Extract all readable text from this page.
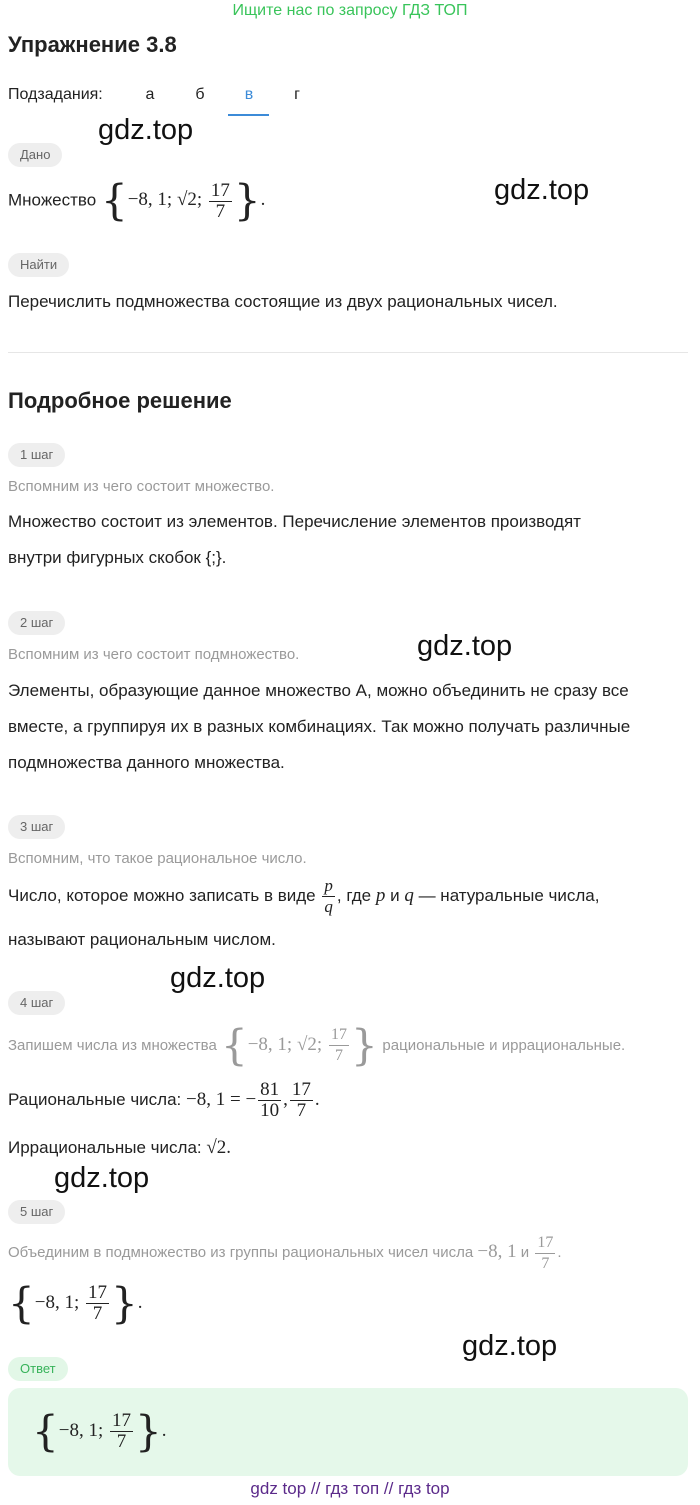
Ищите нас по запросу ГДЗ ТОП
Упражнение 3.8
Подзадания:	а	б	в	г
Дано
Множество {−8, 1; √2; $\frac{17}{7}$ }.
Найти
Перечислить подмножества состоящие из двух рациональных чисел.
Подробное решение
1 шаг
Вспомним из чего состоит множество.
Множество состоит из элементов. Перечисление элементов производят
внутри фигурных скобок {;}.
2 шаг
Вспомним из чего состоит подмножество.
Элементы, образующие данное множество А, можно объединить не сразу все
вместе, а группируя их в разных комбинациях. Так можно получать различные
подмножества данного множества.
3 шаг
Вспомним, что такое рациональное число.
Число, которое можно записать в виде $\frac{p}{q}$ , где p и q — натуральные числа,
называют рациональным числом.
4 шаг
Запишем числа из множества {−8, 1; √2; $\frac{17}{7}$ } рациональные и иррациональные.
Рациональные числа: −8, 1 = − $\frac{81}{10}$ , $\frac{17}{7}$ .
Иррациональные числа: √2.
5 шаг
Объединим в подмножество из группы рациональных чисел числа −8, 1 и $\frac{17}{7}$ .
{−8, 1; $\frac{17}{7}$ }.
Ответ
{−8, 1; $\frac{17}{7}$ }.
gdz.top
gdz.top
gdz.top
gdz.top
gdz.top
gdz.top
gdz top // гдз топ // гдз top
